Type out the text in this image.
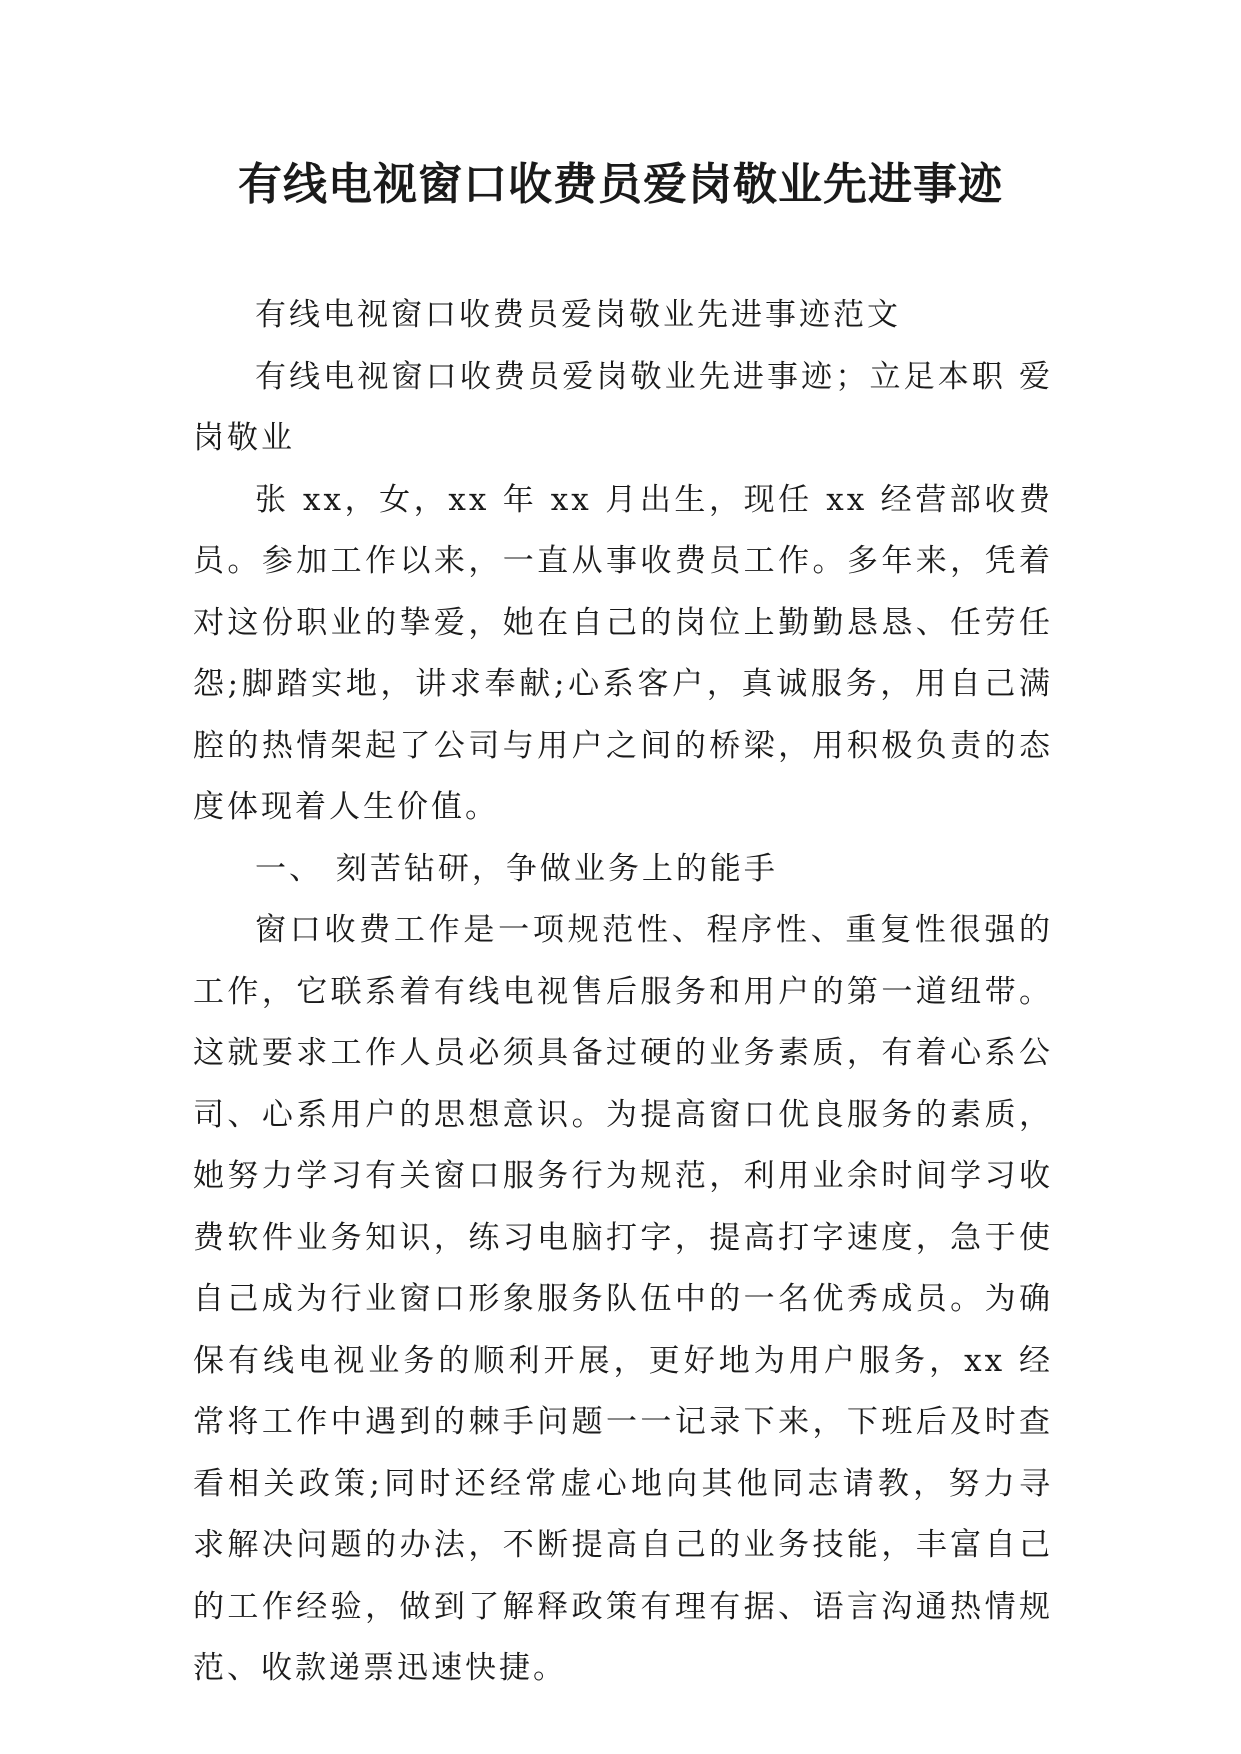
有线电视窗口收费员爱岗敬业先进事迹

有线电视窗口收费员爱岗敬业先进事迹范文

有线电视窗口收费员爱岗敬业先进事迹；立足本职 爱岗敬业

张 xx，女，xx 年 xx 月出生，现任 xx 经营部收费员。参加工作以来，一直从事收费员工作。多年来，凭着对这份职业的挚爱，她在自己的岗位上勤勤恳恳、任劳任怨;脚踏实地，讲求奉献;心系客户，真诚服务，用自己满腔的热情架起了公司与用户之间的桥梁，用积极负责的态度体现着人生价值。

一、 刻苦钻研，争做业务上的能手

窗口收费工作是一项规范性、程序性、重复性很强的工作，它联系着有线电视售后服务和用户的第一道纽带。这就要求工作人员必须具备过硬的业务素质，有着心系公司、心系用户的思想意识。为提高窗口优良服务的素质，她努力学习有关窗口服务行为规范，利用业余时间学习收费软件业务知识，练习电脑打字，提高打字速度，急于使自己成为行业窗口形象服务队伍中的一名优秀成员。为确保有线电视业务的顺利开展，更好地为用户服务，xx 经常将工作中遇到的棘手问题一一记录下来，下班后及时查看相关政策;同时还经常虚心地向其他同志请教，努力寻求解决问题的办法，不断提高自己的业务技能，丰富自己的工作经验，做到了解释政策有理有据、语言沟通热情规范、收款递票迅速快捷。
